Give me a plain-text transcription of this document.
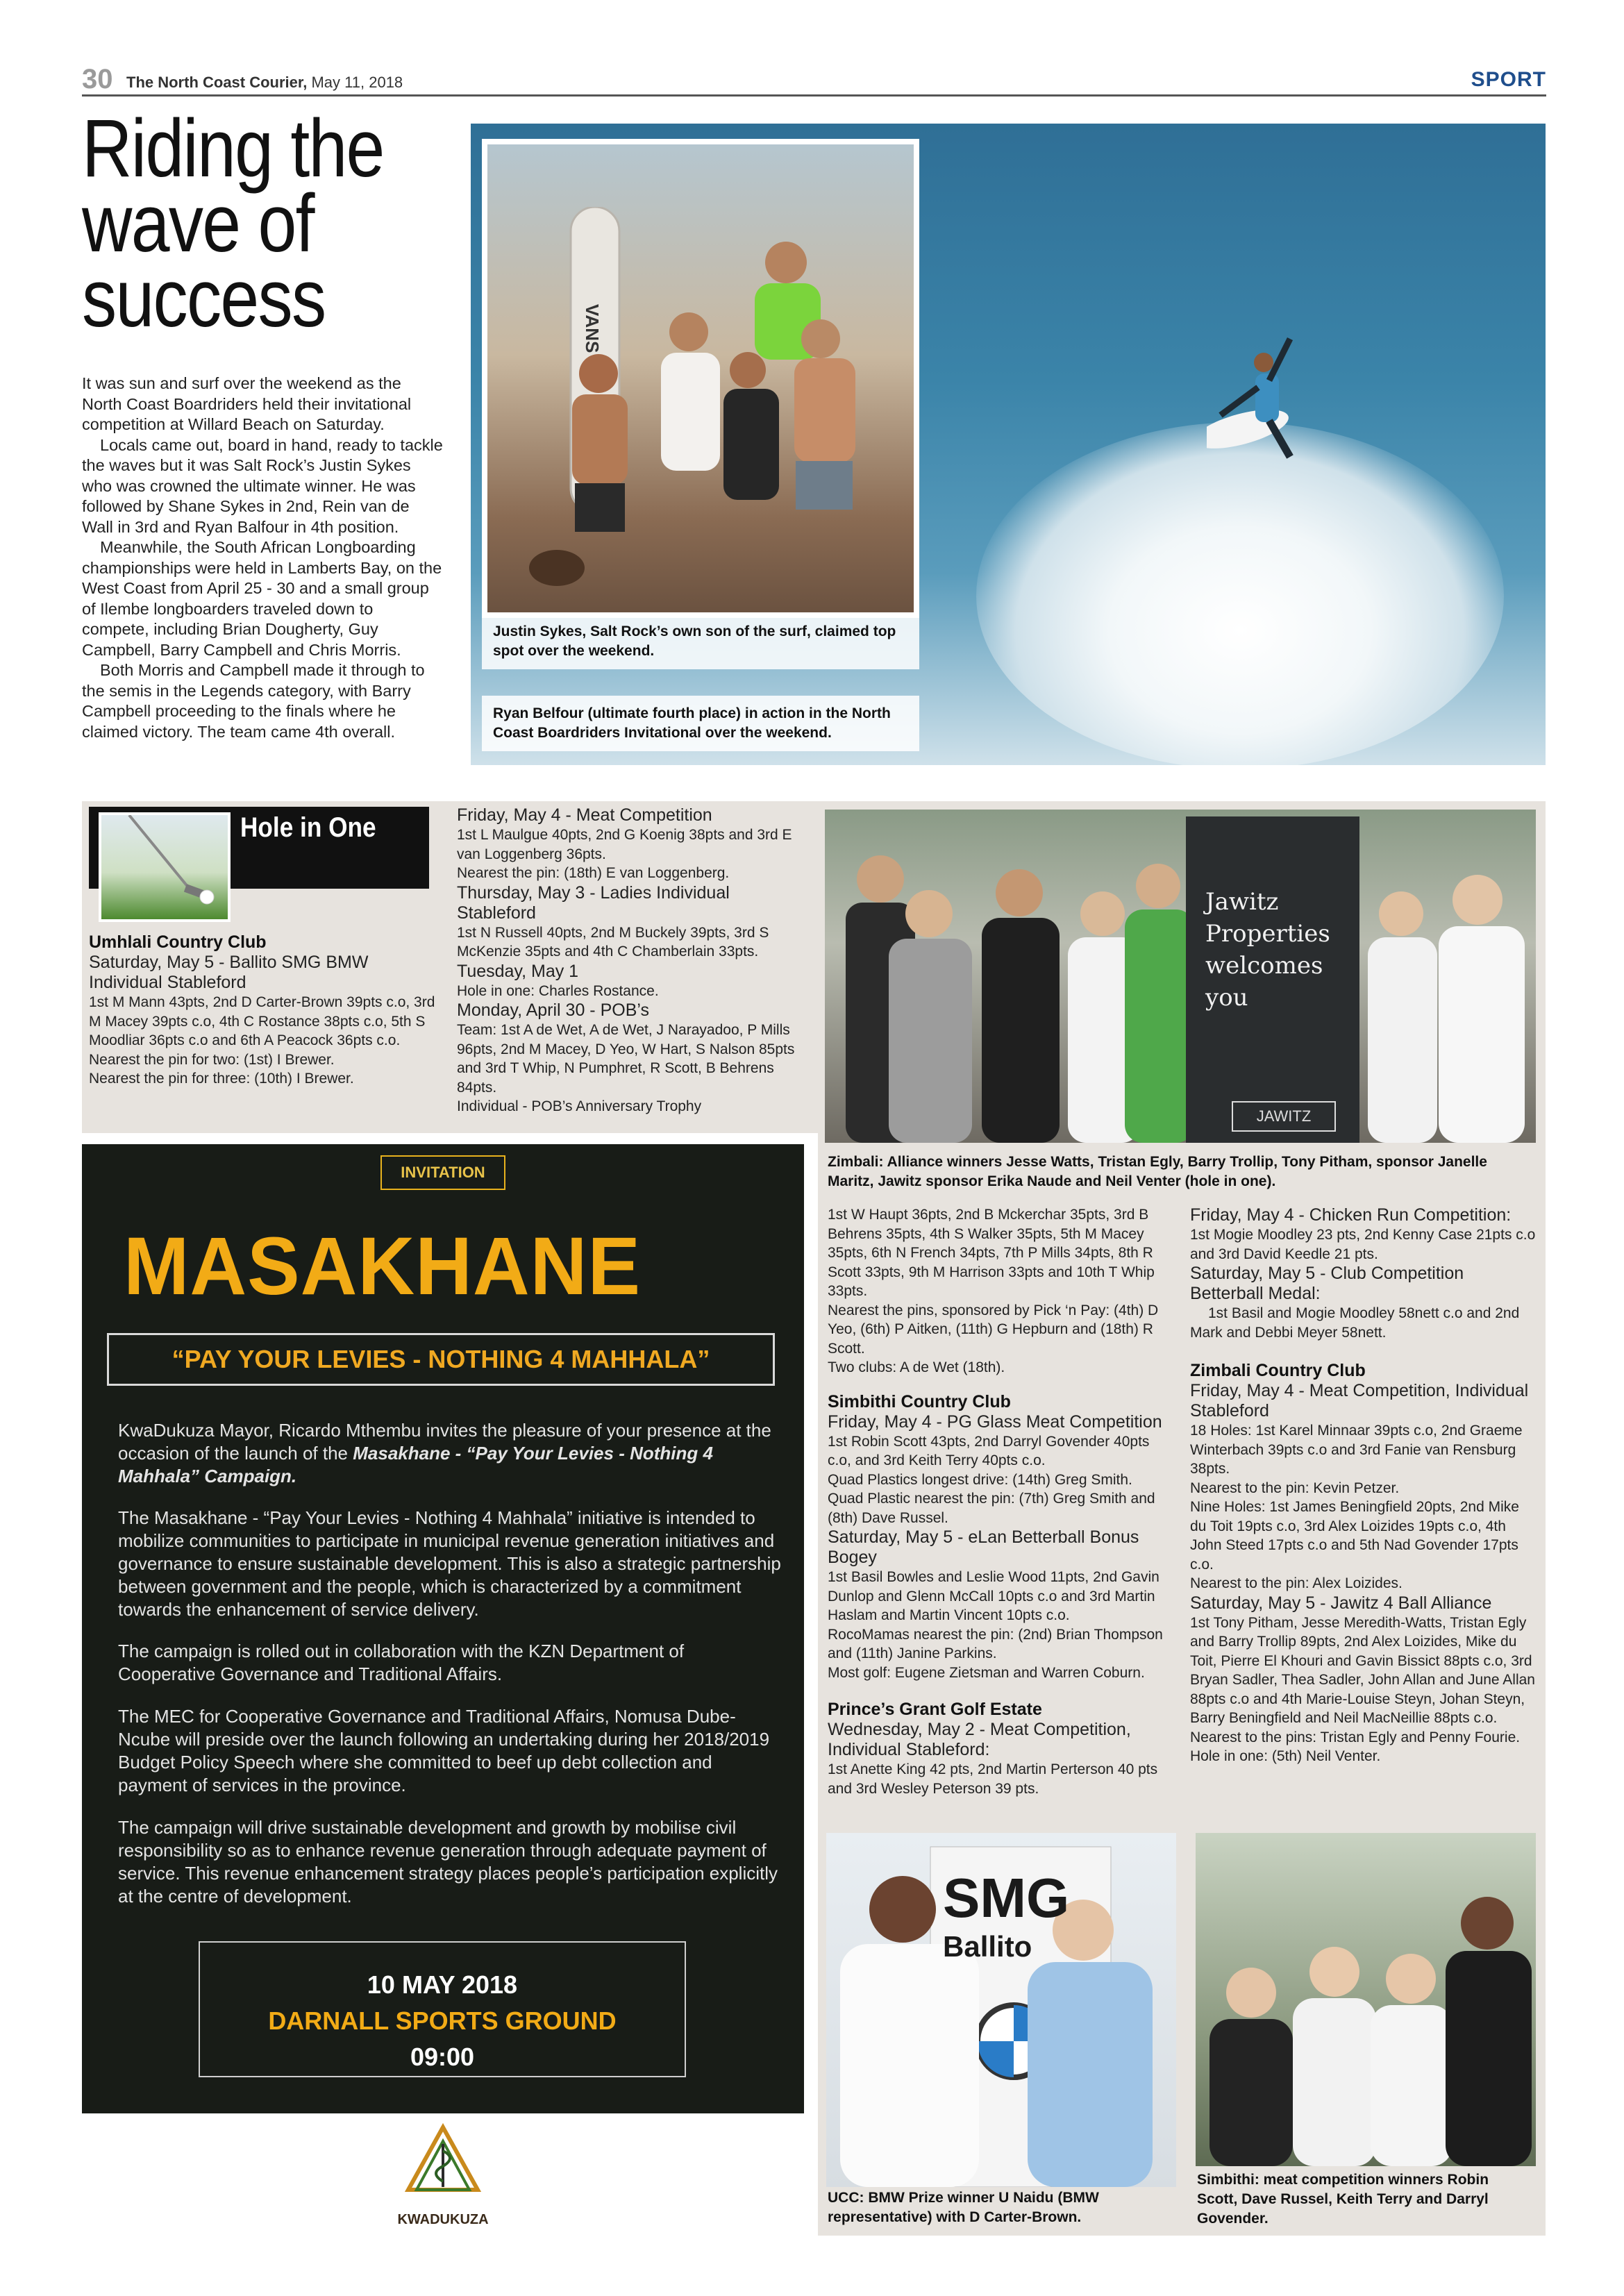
30 The North Coast Courier, May 11, 2018	SPORT
Riding the
wave of
success

It was sun and surf over the weekend as the North Coast Boardriders held their invitational competition at Willard Beach on Saturday.

Locals came out, board in hand, ready to tackle the waves but it was Salt Rock’s Justin Sykes who was crowned the ultimate winner. He was followed by Shane Sykes in 2nd, Rein van de Wall in 3rd and Ryan Balfour in 4th position.

Meanwhile, the South African Longboarding championships were held in Lamberts Bay, on the West Coast from April 25 - 30 and a small group of Ilembe longboarders traveled down to compete, including Brian Dougherty, Guy Campbell, Barry Campbell and Chris Morris.

Both Morris and Campbell made it through to the semis in the Legends category, with Barry Campbell proceeding to the finals where he claimed victory. The team came 4th overall.

VANS
Justin Sykes, Salt Rock’s own son of the surf, claimed top spot over the weekend.
Ryan Belfour (ultimate fourth place) in action in the North Coast Boardriders Invitational over the weekend.
Hole in One
Umhlali Country Club
Saturday, May 5 - Ballito SMG BMW
Individual Stableford
1st M Mann 43pts, 2nd D Carter-Brown 39pts c.o, 3rd M Macey 39pts c.o, 4th C Rostance 38pts c.o, 5th S Moodliar 36pts c.o and 6th A Peacock 36pts c.o.
Nearest the pin for two: (1st) I Brewer.
Nearest the pin for three: (10th) I Brewer.
Friday, May 4 - Meat Competition
1st L Maulgue 40pts, 2nd G Koenig 38pts and 3rd E van Loggenberg 36pts.
Nearest the pin: (18th) E van Loggenberg.
Thursday, May 3 - Ladies Individual Stableford
1st N Russell 40pts, 2nd M Buckely 39pts, 3rd S McKenzie 35pts and 4th C Chamberlain 33pts.
Tuesday, May 1
Hole in one: Charles Rostance.
Monday, April 30 - POB’s
Team: 1st A de Wet, A de Wet, J Narayadoo, P Mills 96pts, 2nd M Macey, D Yeo, W Hart, S Nalson 85pts and 3rd T Whip, N Pumphret, R Scott, B Behrens 84pts.
Individual - POB’s Anniversary Trophy
Jawitz
Properties
welcomes
you
JAWITZ
Zimbali: Alliance winners Jesse Watts, Tristan Egly, Barry Trollip, Tony Pitham, sponsor Janelle Maritz, Jawitz sponsor Erika Naude and Neil Venter (hole in one).
1st W Haupt 36pts, 2nd B Mckerchar 35pts, 3rd B Behrens 35pts, 4th S Walker 35pts, 5th M Macey 35pts, 6th N French 34pts, 7th P Mills 34pts, 8th R Scott 33pts, 9th M Harrison 33pts and 10th T Whip 33pts.
Nearest the pins, sponsored by Pick ‘n Pay: (4th) D Yeo, (6th) P Aitken, (11th) G Hepburn and (18th) R Scott.
Two clubs: A de Wet (18th).
Simbithi Country Club
Friday, May 4 - PG Glass Meat Competition
1st Robin Scott 43pts, 2nd Darryl Govender 40pts c.o, and 3rd Keith Terry 40pts c.o.
Quad Plastics longest drive: (14th) Greg Smith.
Quad Plastic nearest the pin: (7th) Greg Smith and (8th) Dave Russel.
Saturday, May 5 - eLan Betterball Bonus Bogey
1st Basil Bowles and Leslie Wood 11pts, 2nd Gavin Dunlop and Glenn McCall 10pts c.o and 3rd Martin Haslam and Martin Vincent 10pts c.o.
RocoMamas nearest the pin: (2nd) Brian Thompson and (11th) Janine Parkins.
Most golf: Eugene Zietsman and Warren Coburn.
Prince’s Grant Golf Estate
Wednesday, May 2 - Meat Competition, Individual Stableford:
1st Anette King 42 pts, 2nd Martin Perterson 40 pts and 3rd Wesley Peterson 39 pts.
Friday, May 4 - Chicken Run Competition:
1st Mogie Moodley 23 pts, 2nd Kenny Case 21pts c.o and 3rd David Keedle 21 pts.
Saturday, May 5 - Club Competition Betterball Medal:
1st Basil and Mogie Moodley 58nett c.o and 2nd Mark and Debbi Meyer 58nett.
Zimbali Country Club
Friday, May 4 - Meat Competition, Individual Stableford
18 Holes: 1st Karel Minnaar 39pts c.o, 2nd Graeme Winterbach 39pts c.o and 3rd Fanie van Rensburg 38pts.
Nearest to the pin: Kevin Petzer.
Nine Holes: 1st James Beningfield 20pts, 2nd Mike du Toit 19pts c.o, 3rd Alex Loizides 19pts c.o, 4th John Steed 17pts c.o and 5th Nad Govender 17pts c.o.
Nearest to the pin: Alex Loizides.
Saturday, May 5 - Jawitz 4 Ball Alliance
1st Tony Pitham, Jesse Meredith-Watts, Tristan Egly and Barry Trollip 89pts, 2nd Alex Loizides, Mike du Toit, Pierre El Khouri and Gavin Bissict 88pts c.o, 3rd Bryan Sadler, Thea Sadler, John Allan and June Allan 88pts c.o and 4th Marie-Louise Steyn, Johan Steyn, Barry Beningfield and Neil MacNeillie 88pts c.o.
Nearest to the pins: Tristan Egly and Penny Fourie.
Hole in one: (5th) Neil Venter.
SMG
Ballito
UCC: BMW Prize winner U Naidu (BMW representative) with D Carter-Brown.
Simbithi: meat competition winners Robin Scott, Dave Russel, Keith Terry and Darryl Govender.
INVITATION
MASAKHANE
“PAY YOUR LEVIES - NOTHING 4 MAHHALA”
KwaDukuza Mayor, Ricardo Mthembu invites the pleasure of your presence at the occasion of the launch of the Masakhane - “Pay Your Levies - Nothing 4 Mahhala” Campaign.
The Masakhane - “Pay Your Levies - Nothing 4 Mahhala” initiative is intended to mobilize communities to participate in municipal revenue generation initiatives and governance to ensure sustainable development. This is also a strategic partnership between government and the people, which is characterized by a commitment towards the enhancement of service delivery.
The campaign is rolled out in collaboration with the KZN Department of Cooperative Governance and Traditional Affairs.
The MEC for Cooperative Governance and Traditional Affairs, Nomusa Dube-Ncube will preside over the launch following an undertaking during her 2018/2019 Budget Policy Speech where she committed to beef up debt collection and payment of services in the province.
The campaign will drive sustainable development and growth by mobilise civil responsibility so as to enhance revenue generation through adequate payment of service. This revenue enhancement strategy places people’s participation explicitly at the centre of development.
10 MAY 2018
DARNALL SPORTS GROUND
09:00
KWADUKUZA
